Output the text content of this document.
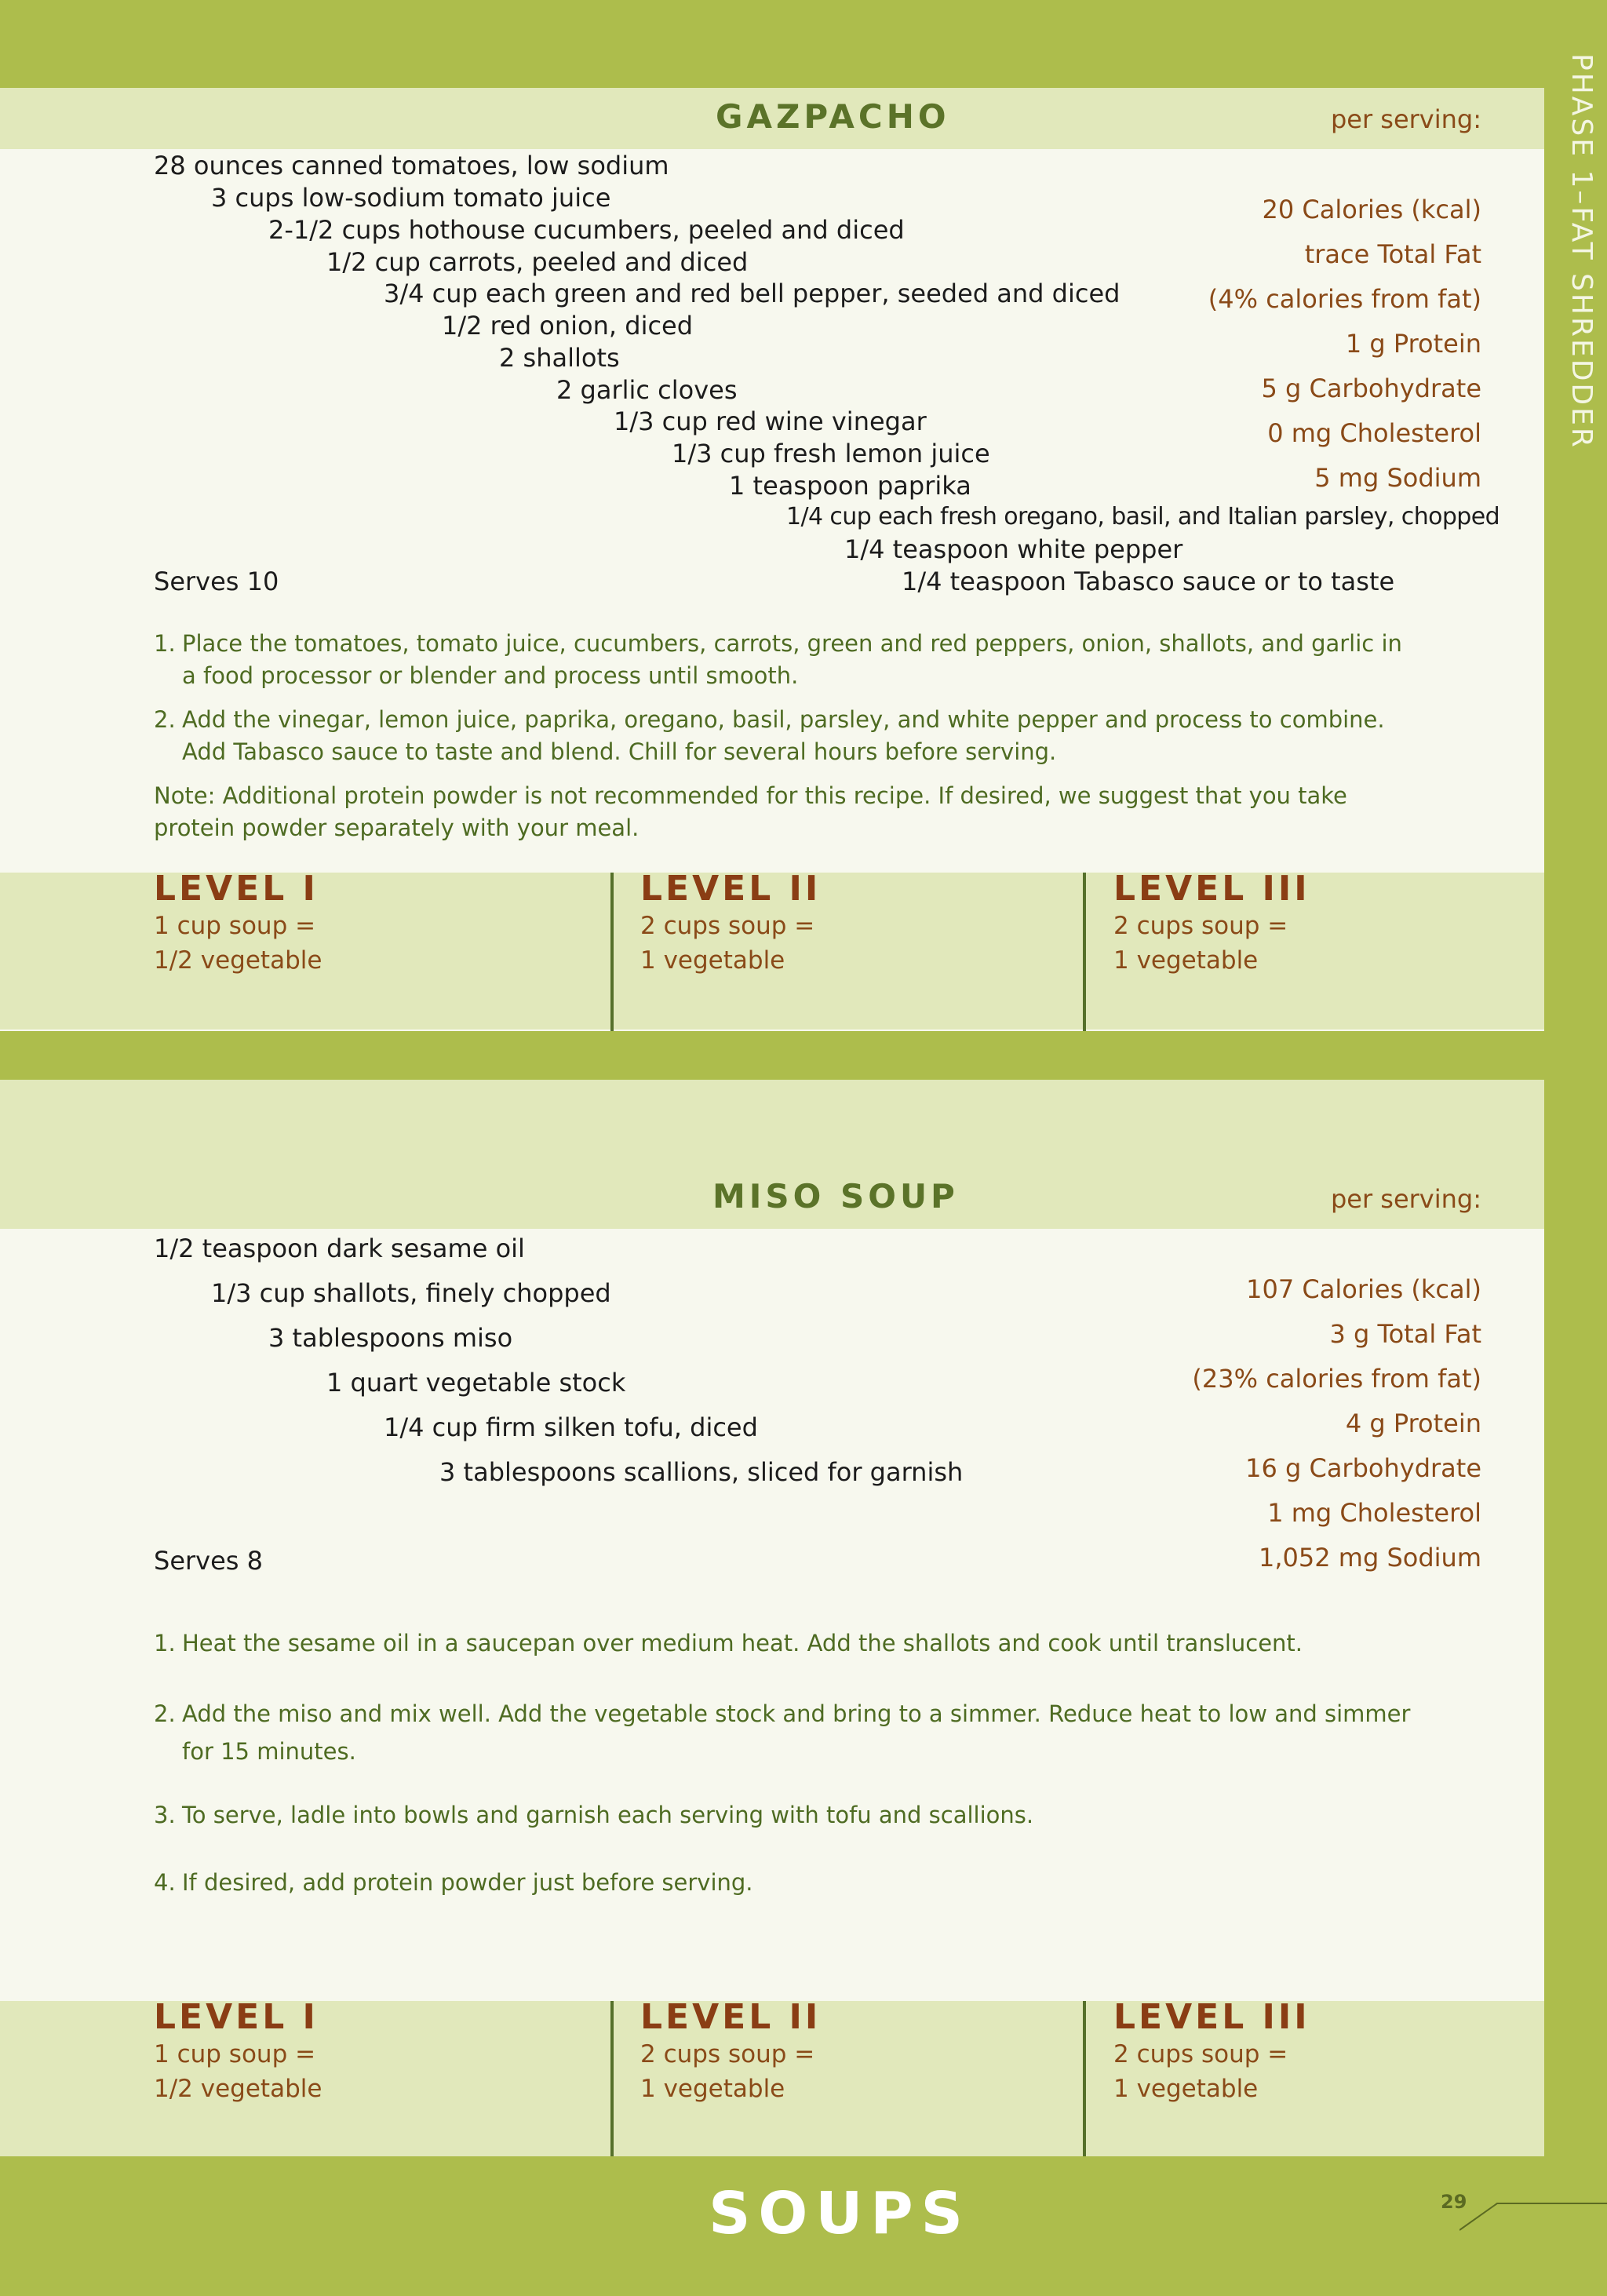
PHASE 1–FAT SHREDDER
GAZPACHO	per serving:
28 ounces canned tomatoes, low sodium
3 cups low-sodium tomato juice
2-1/2 cups hothouse cucumbers, peeled and diced
1/2 cup carrots, peeled and diced
3/4 cup each green and red bell pepper, seeded and diced
1/2 red onion, diced
2 shallots
2 garlic cloves
1/3 cup red wine vinegar
1/3 cup fresh lemon juice
1 teaspoon paprika
1/4 cup each fresh oregano, basil, and Italian parsley, chopped
1/4 teaspoon white pepper
1/4 teaspoon Tabasco sauce or to taste
Serves 10
20 Calories (kcal)
trace Total Fat
(4% calories from fat)
1 g Protein
5 g Carbohydrate
0 mg Cholesterol
5 mg Sodium
1. Place the tomatoes, tomato juice, cucumbers, carrots, green and red peppers, onion, shallots, and garlic in
a food processor or blender and process until smooth.
2. Add the vinegar, lemon juice, paprika, oregano, basil, parsley, and white pepper and process to combine.
Add Tabasco sauce to taste and blend. Chill for several hours before serving.
Note: Additional protein powder is not recommended for this recipe. If desired, we suggest that you take
protein powder separately with your meal.
LEVEL I
1 cup soup =
1/2 vegetable
LEVEL II
2 cups soup =
1 vegetable
LEVEL III
2 cups soup =
1 vegetable
MISO SOUP	per serving:
1/2 teaspoon dark sesame oil
1/3 cup shallots, finely chopped
3 tablespoons miso
1 quart vegetable stock
1/4 cup firm silken tofu, diced
3 tablespoons scallions, sliced for garnish
Serves 8
107 Calories (kcal)
3 g Total Fat
(23% calories from fat)
4 g Protein
16 g Carbohydrate
1 mg Cholesterol
1,052 mg Sodium
1. Heat the sesame oil in a saucepan over medium heat. Add the shallots and cook until translucent.
2. Add the miso and mix well. Add the vegetable stock and bring to a simmer. Reduce heat to low and simmer
for 15 minutes.
3. To serve, ladle into bowls and garnish each serving with tofu and scallions.
4. If desired, add protein powder just before serving.
LEVEL I
1 cup soup =
1/2 vegetable
LEVEL II
2 cups soup =
1 vegetable
LEVEL III
2 cups soup =
1 vegetable
SOUPS	29
